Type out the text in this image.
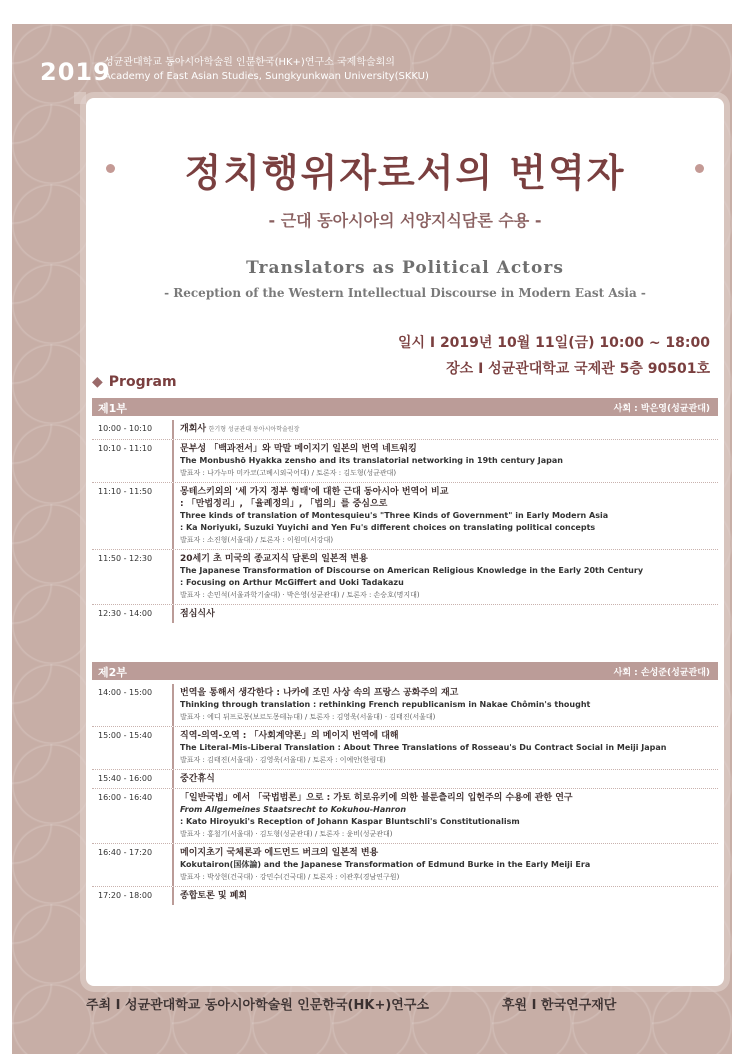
2019
성균관대학교 동아시아학술원 인문한국(HK+)연구소 국제학술회의
Academy of East Asian Studies, Sungkyunkwan University(SKKU)
정치행위자로서의 번역자
- 근대 동아시아의 서양지식담론 수용 -
Translators as Political Actors
- Reception of the Western Intellectual Discourse in Modern East Asia -
일시 I 2019년 10월 11일(금) 10:00 ~ 18:00
장소 I 성균관대학교 국제관 5층 90501호
◆ Program
제1부	사회 : 박은영(성균관대)
10:00 - 10:10	개회사 한기형 성균관대 동아시아학술원장
10:10 - 11:10	문부성 「백과전서」와 막말 메이지기 일본의 번역 네트워킹
The Monbushō Hyakka zensho and its translatorial networking in 19th century Japan
발표자 : 나가누마 미카코(고베시외국어대) / 토론자 : 김도형(성균관대)
11:10 - 11:50	몽테스키외의 '세 가지 정부 형태'에 대한 근대 동아시아 번역어 비교
: 「만법정리」, 「율례정의」, 「법의」를 중심으로
Three kinds of translation of Montesquieu's "Three Kinds of Government" in Early Modern Asia
: Ka Noriyuki, Suzuki Yuyichi and Yen Fu's different choices on translating political concepts
발표자 : 소진형(서울대) / 토론자 : 이원미(서강대)
11:50 - 12:30	20세기 초 미국의 종교지식 담론의 일본적 변용
The Japanese Transformation of Discourse on American Religious Knowledge in the Early 20th Century
: Focusing on Arthur McGiffert and Uoki Tadakazu
발표자 : 손민석(서울과학기술대) · 박은영(성균관대) / 토론자 : 손승호(명지대)
12:30 - 14:00	점심식사
제2부	사회 : 손성준(성균관대)
14:00 - 15:00	번역을 통해서 생각한다 : 나카에 조민 사상 속의 프랑스 공화주의 재고
Thinking through translation : rethinking French republicanism in Nakae Chômin's thought
발표자 : 에디 뒤프로몽(보르도몽테뉴대) / 토론자 : 김영욱(서울대) · 김태진(서울대)
15:00 - 15:40	직역-의역-오역 : 「사회계약론」의 메이지 번역에 대해
The Literal-Mis-Liberal Translation : About Three Translations of Rosseau's Du Contract Social in Meiji Japan
발표자 : 김태진(서울대) · 김영욱(서울대) / 토론자 : 이예안(한림대)
15:40 - 16:00	중간휴식
16:00 - 16:40	「일반국법」에서 「국법범론」으로 : 가토 히로유키에 의한 블룬츨리의 입헌주의 수용에 관한 연구
From Allgemeines Staatsrecht to Kokuhou-Hanron
: Kato Hiroyuki's Reception of Johann Kaspar Bluntschli's Constitutionalism
발표자 : 홍철기(서울대) · 김도형(성균관대) / 토론자 : 윤비(성균관대)
16:40 - 17:20	메이지초기 국체론과 에드먼드 버크의 일본적 변용
Kokutairon(国体論) and the Japanese Transformation of Edmund Burke in the Early Meiji Era
발표자 : 박상현(건국대) · 강민수(건국대) / 토론자 : 이관후(경남연구원)
17:20 - 18:00	종합토론 및 폐회
주최 I 성균관대학교 동아시아학술원 인문한국(HK+)연구소	후원 I 한국연구재단
